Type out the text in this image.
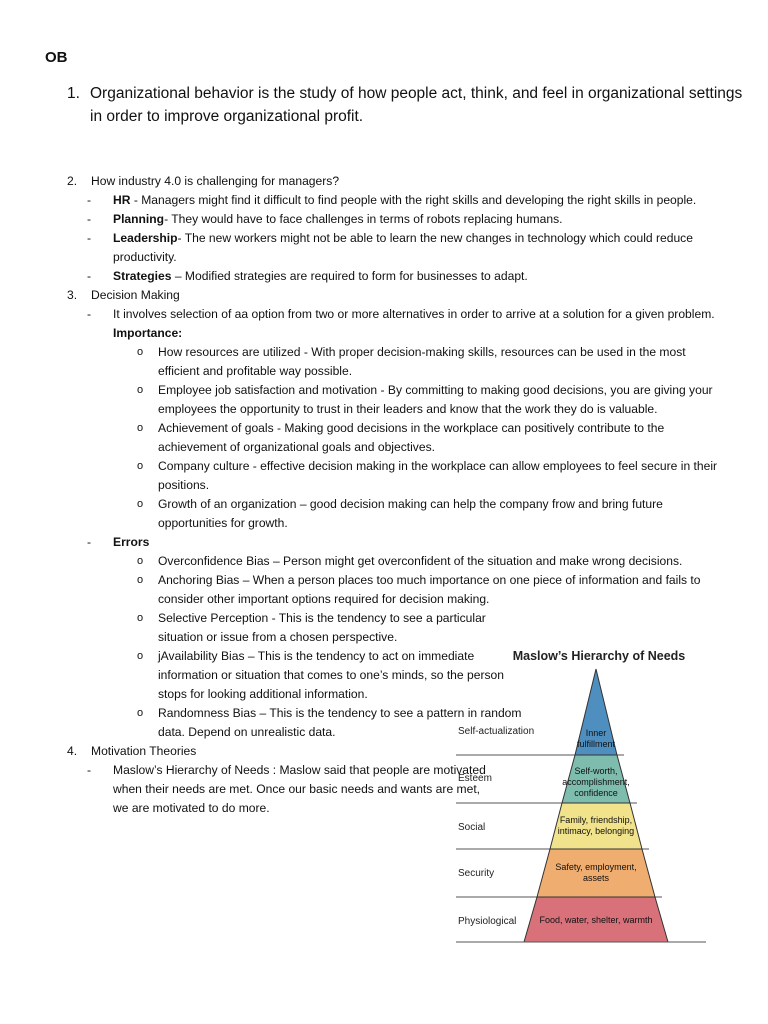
OB
1. Organizational behavior is the study of how people act, think, and feel in organizational settings in order to improve organizational profit.
2. How industry 4.0 is challenging for managers?
- HR - Managers might find it difficult to find people with the right skills and developing the right skills in people.
- Planning- They would have to face challenges in terms of robots replacing humans.
- Leadership- The new workers might not be able to learn the new changes in technology which could reduce productivity.
- Strategies – Modified strategies are required to form for businesses to adapt.
3. Decision Making
- It involves selection of aa option from two or more alternatives in order to arrive at a solution for a given problem.
Importance:
o How resources are utilized - With proper decision-making skills, resources can be used in the most efficient and profitable way possible.
o Employee job satisfaction and motivation - By committing to making good decisions, you are giving your employees the opportunity to trust in their leaders and know that the work they do is valuable.
o Achievement of goals - Making good decisions in the workplace can positively contribute to the achievement of organizational goals and objectives.
o Company culture - effective decision making in the workplace can allow employees to feel secure in their positions.
o Growth of an organization – good decision making can help the company frow and bring future opportunities for growth.
- Errors
o Overconfidence Bias – Person might get overconfident of the situation and make wrong decisions.
o Anchoring Bias – When a person places too much importance on one piece of information and fails to consider other important options required for decision making.
o Selective Perception - This is the tendency to see a particular situation or issue from a chosen perspective.
o jAvailability Bias – This is the tendency to act on immediate information or situation that comes to one’s minds, so the person stops for looking additional information.
o Randomness Bias – This is the tendency to see a pattern in random data. Depend on unrealistic data.
4. Motivation Theories
- Maslow’s Hierarchy of Needs : Maslow said that people are motivated when their needs are met. Once our basic needs and wants are met, we are motivated to do more.
Maslow’s Hierarchy of Needs
Self-actualization	Inner
fulfillment
Esteem
Self-worth,
accomplishment,
confidence
Social
Family, friendship,
intimacy, belonging
Security
Safety, employment,
assets
Physiological	Food, water, shelter, warmth
